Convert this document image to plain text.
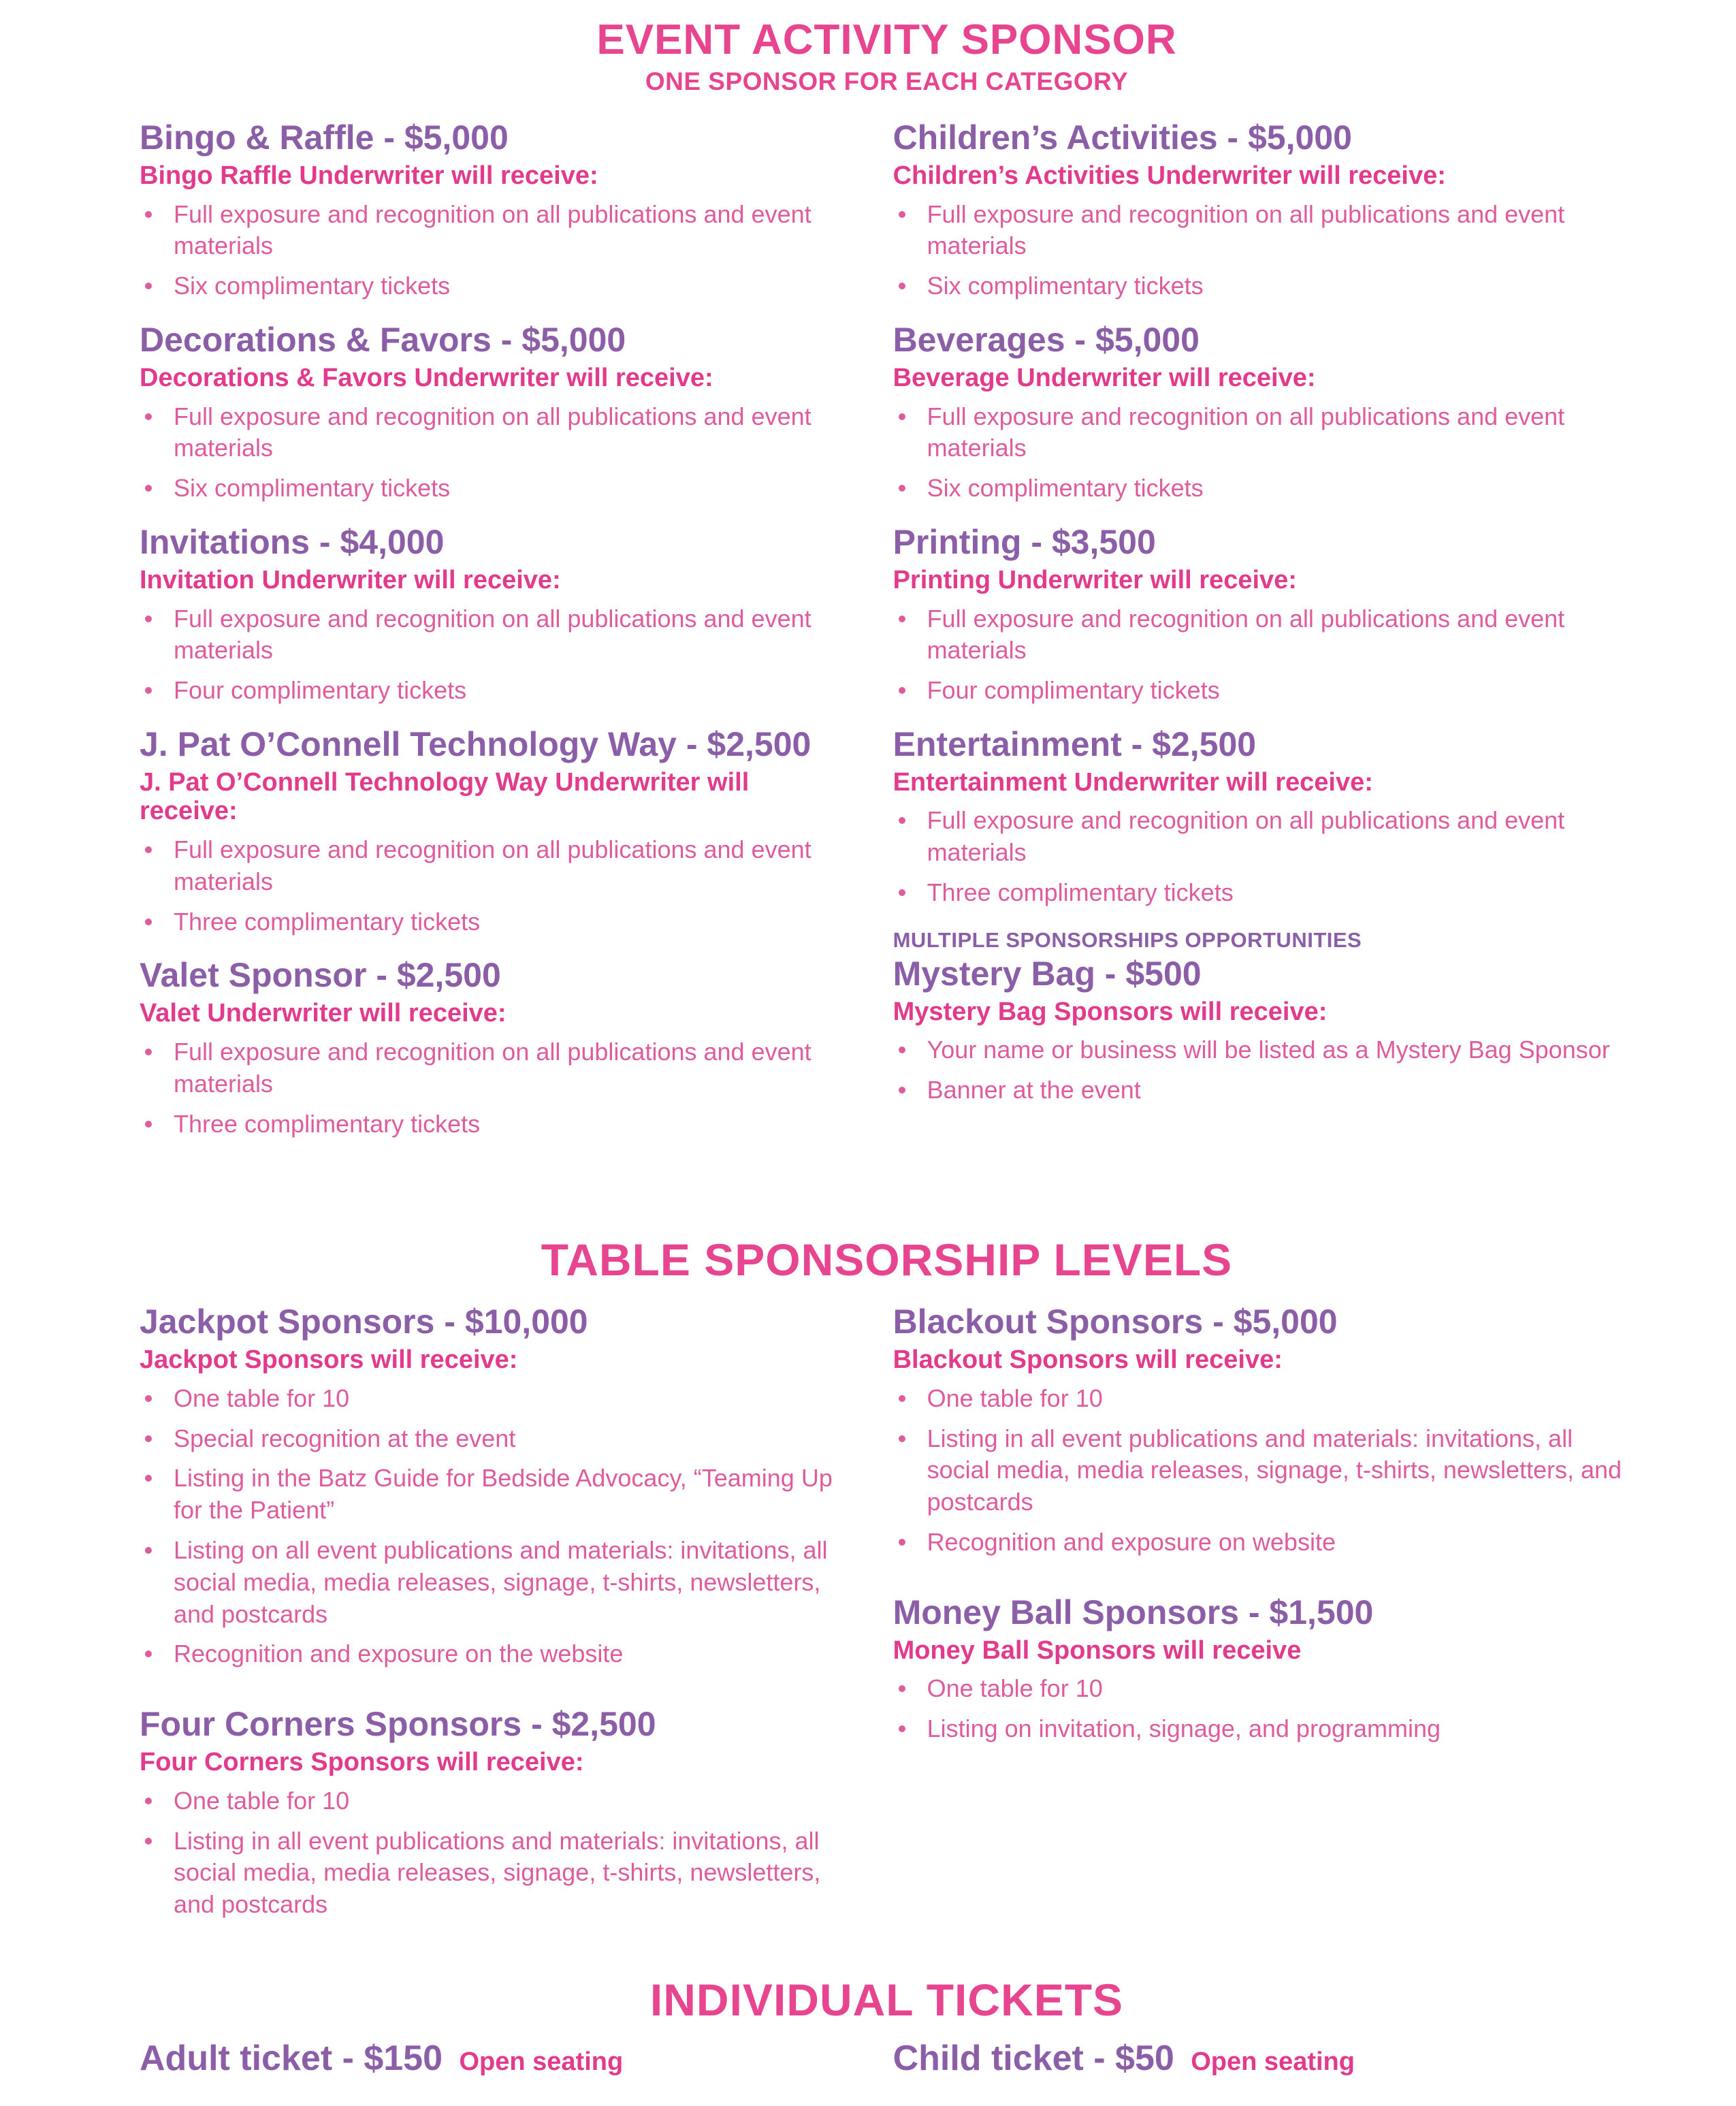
EVENT ACTIVITY SPONSOR
ONE SPONSOR FOR EACH CATEGORY
Bingo & Raffle - $5,000
Bingo Raffle Underwriter will receive:
Full exposure and recognition on all publications and event materials
Six complimentary tickets
Decorations & Favors - $5,000
Decorations & Favors Underwriter will receive:
Full exposure and recognition on all publications and event materials
Six complimentary tickets
Invitations - $4,000
Invitation Underwriter will receive:
Full exposure and recognition on all publications and event materials
Four complimentary tickets
J. Pat O’Connell Technology Way - $2,500
J. Pat O’Connell Technology Way Underwriter will receive:
Full exposure and recognition on all publications and event materials
Three complimentary tickets
Valet Sponsor - $2,500
Valet Underwriter will receive:
Full exposure and recognition on all publications and event materials
Three complimentary tickets
Children’s Activities - $5,000
Children’s Activities Underwriter will receive:
Full exposure and recognition on all publications and event materials
Six complimentary tickets
Beverages - $5,000
Beverage Underwriter will receive:
Full exposure and recognition on all publications and event materials
Six complimentary tickets
Printing - $3,500
Printing Underwriter will receive:
Full exposure and recognition on all publications and event materials
Four complimentary tickets
Entertainment - $2,500
Entertainment Underwriter will receive:
Full exposure and recognition on all publications and event materials
Three complimentary tickets
MULTIPLE SPONSORSHIPS OPPORTUNITIES
Mystery Bag - $500
Mystery Bag Sponsors will receive:
Your name or business will be listed as a Mystery Bag Sponsor
Banner at the event
TABLE SPONSORSHIP LEVELS
Jackpot Sponsors - $10,000
Jackpot Sponsors will receive:
One table for 10
Special recognition at the event
Listing in the Batz Guide for Bedside Advocacy, “Teaming Up for the Patient”
Listing on all event publications and materials: invitations, all social media, media releases, signage, t-shirts, newsletters, and postcards
Recognition and exposure on the website
Four Corners Sponsors - $2,500
Four Corners Sponsors will receive:
One table for 10
Listing in all event publications and materials: invitations, all social media, media releases, signage, t-shirts, newsletters, and postcards
Blackout Sponsors - $5,000
Blackout Sponsors will receive:
One table for 10
Listing in all event publications and materials: invitations, all social media, media releases, signage, t-shirts, newsletters, and postcards
Recognition and exposure on website
Money Ball Sponsors - $1,500
Money Ball Sponsors will receive
One table for 10
Listing on invitation, signage, and programming
INDIVIDUAL TICKETS
Adult ticket - $150 Open seating	Child ticket - $50 Open seating
